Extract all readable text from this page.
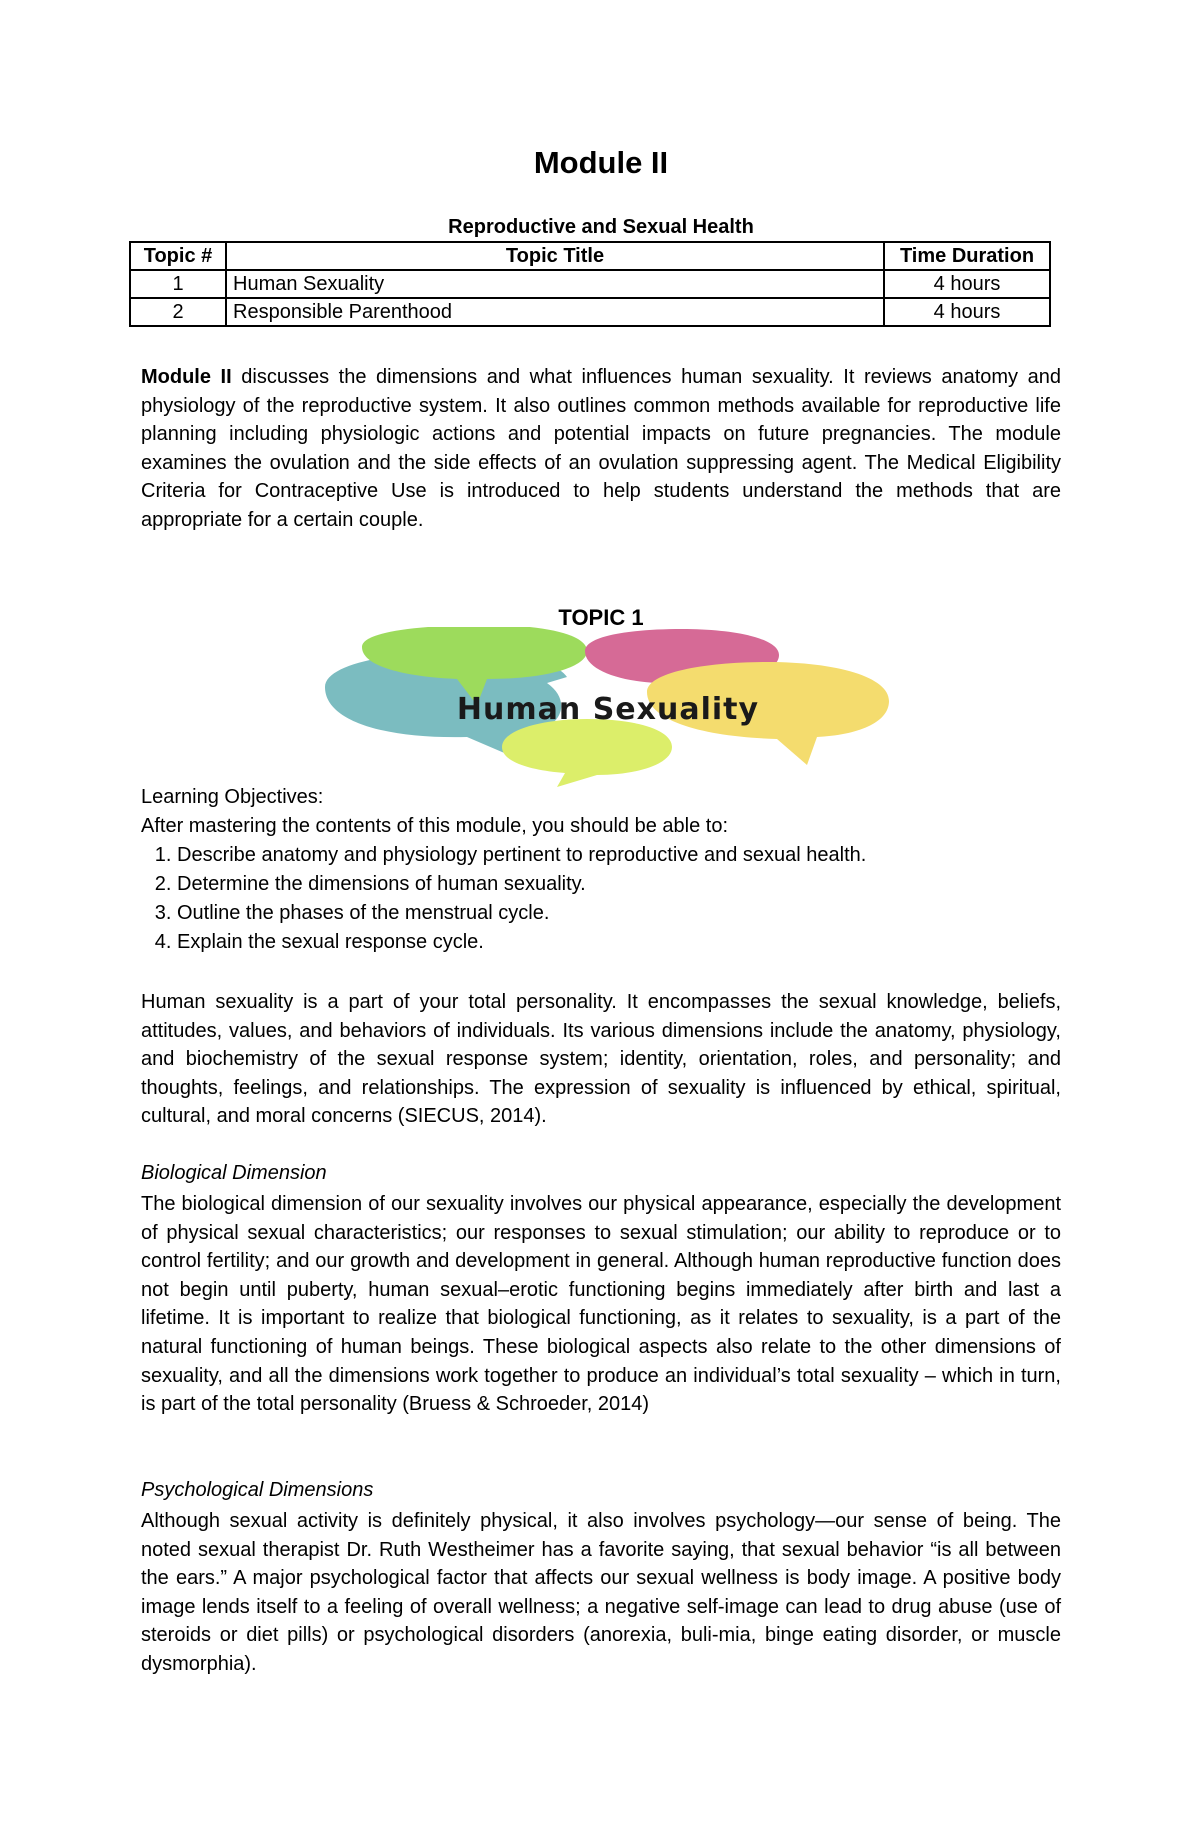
Module II

Reproductive and Sexual Health

Topic #	Topic Title	Time Duration
1	Human Sexuality	4 hours
2	Responsible Parenthood	4 hours

Module II discusses the dimensions and what influences human sexuality. It reviews anatomy and physiology of the reproductive system. It also outlines common methods available for reproductive life planning including physiologic actions and potential impacts on future pregnancies. The module examines the ovulation and the side effects of an ovulation suppressing agent. The Medical Eligibility Criteria for Contraceptive Use is introduced to help students understand the methods that are appropriate for a certain couple.

TOPIC 1

Human Sexuality

Learning Objectives:

After mastering the contents of this module, you should be able to:

1. Describe anatomy and physiology pertinent to reproductive and sexual health.
2. Determine the dimensions of human sexuality.
3. Outline the phases of the menstrual cycle.
4. Explain the sexual response cycle.

Human sexuality is a part of your total personality. It encompasses the sexual knowledge, beliefs, attitudes, values, and behaviors of individuals. Its various dimensions include the anatomy, physiology, and biochemistry of the sexual response system; identity, orientation, roles, and personality; and thoughts, feelings, and relationships. The expression of sexuality is influenced by ethical, spiritual, cultural, and moral concerns (SIECUS, 2014).

Biological Dimension

The biological dimension of our sexuality involves our physical appearance, especially the development of physical sexual characteristics; our responses to sexual stimulation; our ability to reproduce or to control fertility; and our growth and development in general. Although human reproductive function does not begin until puberty, human sexual–erotic functioning begins immediately after birth and last a lifetime. It is important to realize that biological functioning, as it relates to sexuality, is a part of the natural functioning of human beings. These biological aspects also relate to the other dimensions of sexuality, and all the dimensions work together to produce an individual’s total sexuality – which in turn, is part of the total personality (Bruess & Schroeder, 2014)

Psychological Dimensions

Although sexual activity is definitely physical, it also involves psychology—our sense of being. The noted sexual therapist Dr. Ruth Westheimer has a favorite saying, that sexual behavior “is all between the ears.” A major psychological factor that affects our sexual wellness is body image. A positive body image lends itself to a feeling of overall wellness; a negative self-image can lead to drug abuse (use of steroids or diet pills) or psychological disorders (anorexia, buli-mia, binge eating disorder, or muscle dysmorphia).
